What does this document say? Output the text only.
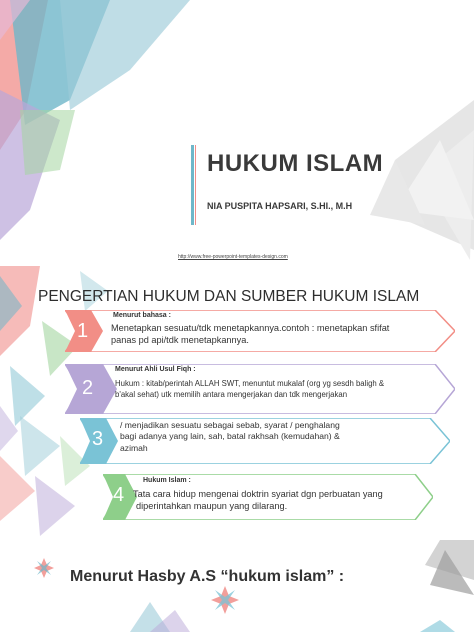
HUKUM ISLAM
NIA PUSPITA HAPSARI, S.HI., M.H
http://www.free-powerpoint-templates-design.com
PENGERTIAN HUKUM DAN SUMBER HUKUM ISLAM
1
Menurut bahasa :
Menetapkan sesuatu/tdk menetapkannya.contoh : menetapkan sfifat
panas pd api/tdk menetapkannya.
2
Menurut Ahli Usul Fiqh :
Hukum : kitab/perintah ALLAH SWT, menuntut mukalaf (org yg sesdh baligh &
b'akal sehat) utk memilih antara mengerjakan dan tdk mengerjakan
3
/ menjadikan sesuatu sebagai sebab, syarat / penghalang
bagi adanya yang lain, sah, batal rakhsah (kemudahan) &
azimah
4
Hukum Islam :
Tata cara hidup mengenai doktrin syariat dgn perbuatan yang
diperintahkan maupun yang dilarang.
Menurut Hasby A.S “hukum islam” :
